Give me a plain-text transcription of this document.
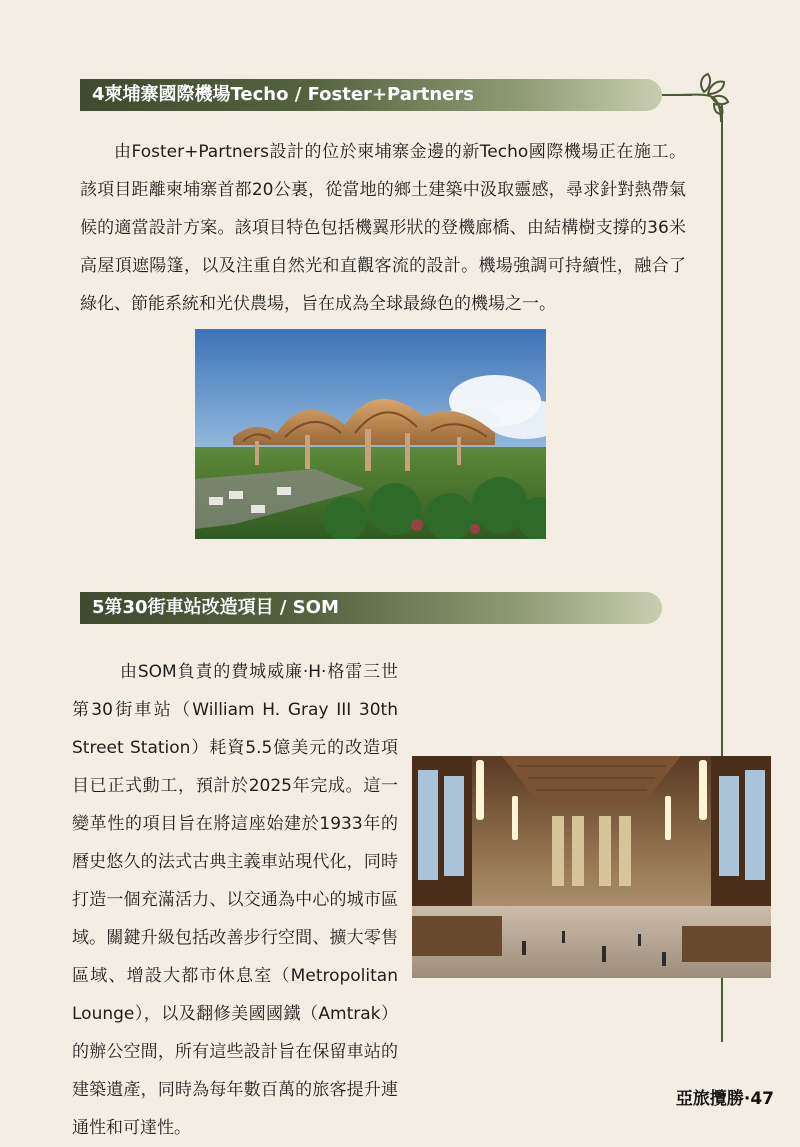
4柬埔寨國際機場Techo / Foster+Partners

由Foster+Partners設計的位於柬埔寨金邊的新Techo國際機場正在施工。該項目距離柬埔寨首都20公裏，從當地的鄉土建築中汲取靈感，尋求針對熱帶氣候的適當設計方案。該項目特色包括機翼形狀的登機廊橋、由結構樹支撐的36米高屋頂遮陽篷，以及注重自然光和直觀客流的設計。機場強調可持續性，融合了綠化、節能系統和光伏農場，旨在成為全球最綠色的機場之一。

5第30街車站改造項目 / SOM

由SOM負責的費城威廉·H·格雷三世第30街車站（William H. Gray III 30th Street Station）耗資5.5億美元的改造項目已正式動工，預計於2025年完成。這一變革性的項目旨在將這座始建於1933年的曆史悠久的法式古典主義車站現代化，同時打造一個充滿活力、以交通為中心的城市區域。關鍵升級包括改善步行空間、擴大零售區域、增設大都市休息室（Metropolitan Lounge），以及翻修美國國鐵（Amtrak）的辦公空間，所有這些設計旨在保留車站的建築遺產，同時為每年數百萬的旅客提升連通性和可達性。

亞旅攬勝·47
